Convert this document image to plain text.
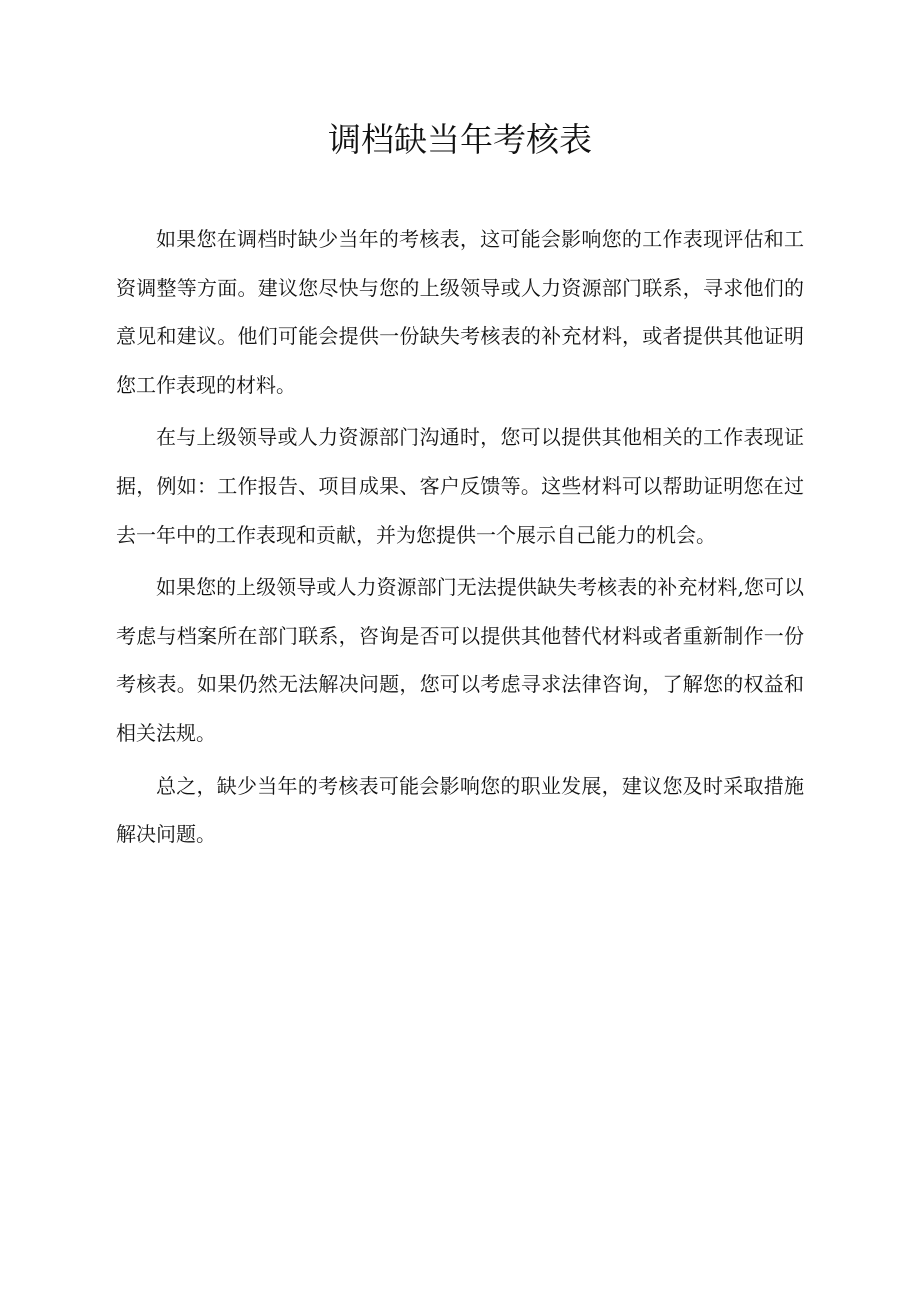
调档缺当年考核表

如果您在调档时缺少当年的考核表，这可能会影响您的工作表现评估和工资调整等方面。建议您尽快与您的上级领导或人力资源部门联系，寻求他们的意见和建议。他们可能会提供一份缺失考核表的补充材料，或者提供其他证明您工作表现的材料。

在与上级领导或人力资源部门沟通时，您可以提供其他相关的工作表现证据，例如：工作报告、项目成果、客户反馈等。这些材料可以帮助证明您在过去一年中的工作表现和贡献，并为您提供一个展示自己能力的机会。

如果您的上级领导或人力资源部门无法提供缺失考核表的补充材料,您可以考虑与档案所在部门联系，咨询是否可以提供其他替代材料或者重新制作一份考核表。如果仍然无法解决问题，您可以考虑寻求法律咨询，了解您的权益和相关法规。

总之，缺少当年的考核表可能会影响您的职业发展，建议您及时采取措施解决问题。
